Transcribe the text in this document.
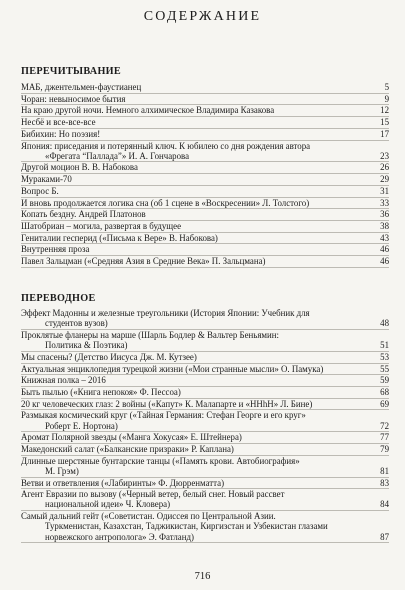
СОДЕРЖАНИЕ
ПЕРЕЧИТЫВАНИЕ
МАБ, джентельмен-фаустианец	5
Чоран: невыносимое бытия	9
На краю другой ночи. Немного алхимическое Владимира Казакова	12
Несбё и все-все-все	15
Бибихин: Но поэзия!	17
Япония: приседания и потерянный ключ. К юбилею со дня рождения автора
«Фрегата “Паллада”» И. А. Гончарова	23
Другой моцион В. В. Набокова	26
Мураками-70	29
Вопрос Б.	31
И вновь продолжается логика сна (об 1 сцене в «Воскресении» Л. Толстого)	33
Копать бездну. Андрей Платонов	36
Шатобриан – могила, развертая в будущее	38
Гениталии гесперид («Письма к Вере» В. Набокова)	43
Внутренняя проза	46
Павел Зальцман («Средняя Азия в Средние Века» П. Зальцмана)	46
ПЕРЕВОДНОЕ
Эффект Мадонны и железные треугольники (История Японии: Учебник для
студентов вузов)	48
Проклятые фланеры на марше (Шарль Бодлер & Вальтер Беньямин:
Политика & Поэтика)	51
Мы спасены? (Детство Иисуса Дж. М. Кутзее)	53
Актуальная энциклопедия турецкой жизни («Мои странные мысли» О. Памука)	55
Книжная полка – 2016	59
Быть пылью («Книга непокоя» Ф. Пессоа)	68
20 кг человеческих глаз: 2 войны («Капут» К. Малапарте и «HHhH» Л. Бине)	69
Размыкая космический круг («Тайная Германия: Стефан Георге и его круг»
Роберт Е. Нортона)	72
Аромат Полярной звезды («Манга Хокусая» Е. Штейнера)	77
Македонский салат («Балканские призраки» Р. Каплана)	79
Длинные шерстяные бунтарские танцы («Память крови. Автобиография»
М. Грэм)	81
Ветви и ответвления («Лабиринты» Ф. Дюрренматта)	83
Агент Евразии по вызову («Черный ветер, белый снег. Новый рассвет
национальной идеи» Ч. Кловера)	84
Самый дальний гейт («Советистан. Одиссея по Центральной Азии.
Туркменистан, Казахстан, Таджикистан, Киргизстан и Узбекистан глазами
норвежского антрополога» Э. Фатланд)	87
716
